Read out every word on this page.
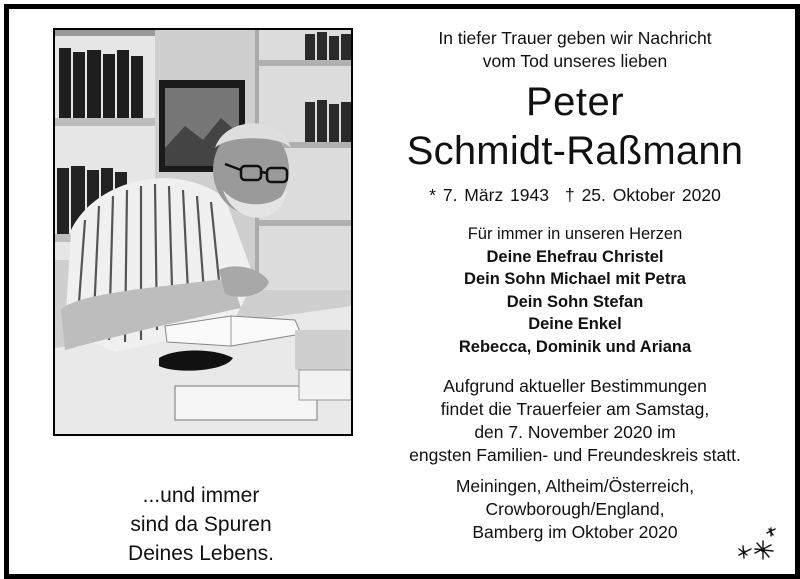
...und immer
sind da Spuren
Deines Lebens.
In tiefer Trauer geben wir Nachricht
vom Tod unseres lieben
Peter
Schmidt-Raßmann
* 7. März 1943 † 25. Oktober 2020
Für immer in unseren Herzen
Deine Ehefrau Christel
Dein Sohn Michael mit Petra
Dein Sohn Stefan
Deine Enkel
Rebecca, Dominik und Ariana
Aufgrund aktueller Bestimmungen
findet die Trauerfeier am Samstag,
den 7. November 2020 im
engsten Familien- und Freundeskreis statt.
Meiningen, Altheim/Österreich,
Crowborough/England,
Bamberg im Oktober 2020
